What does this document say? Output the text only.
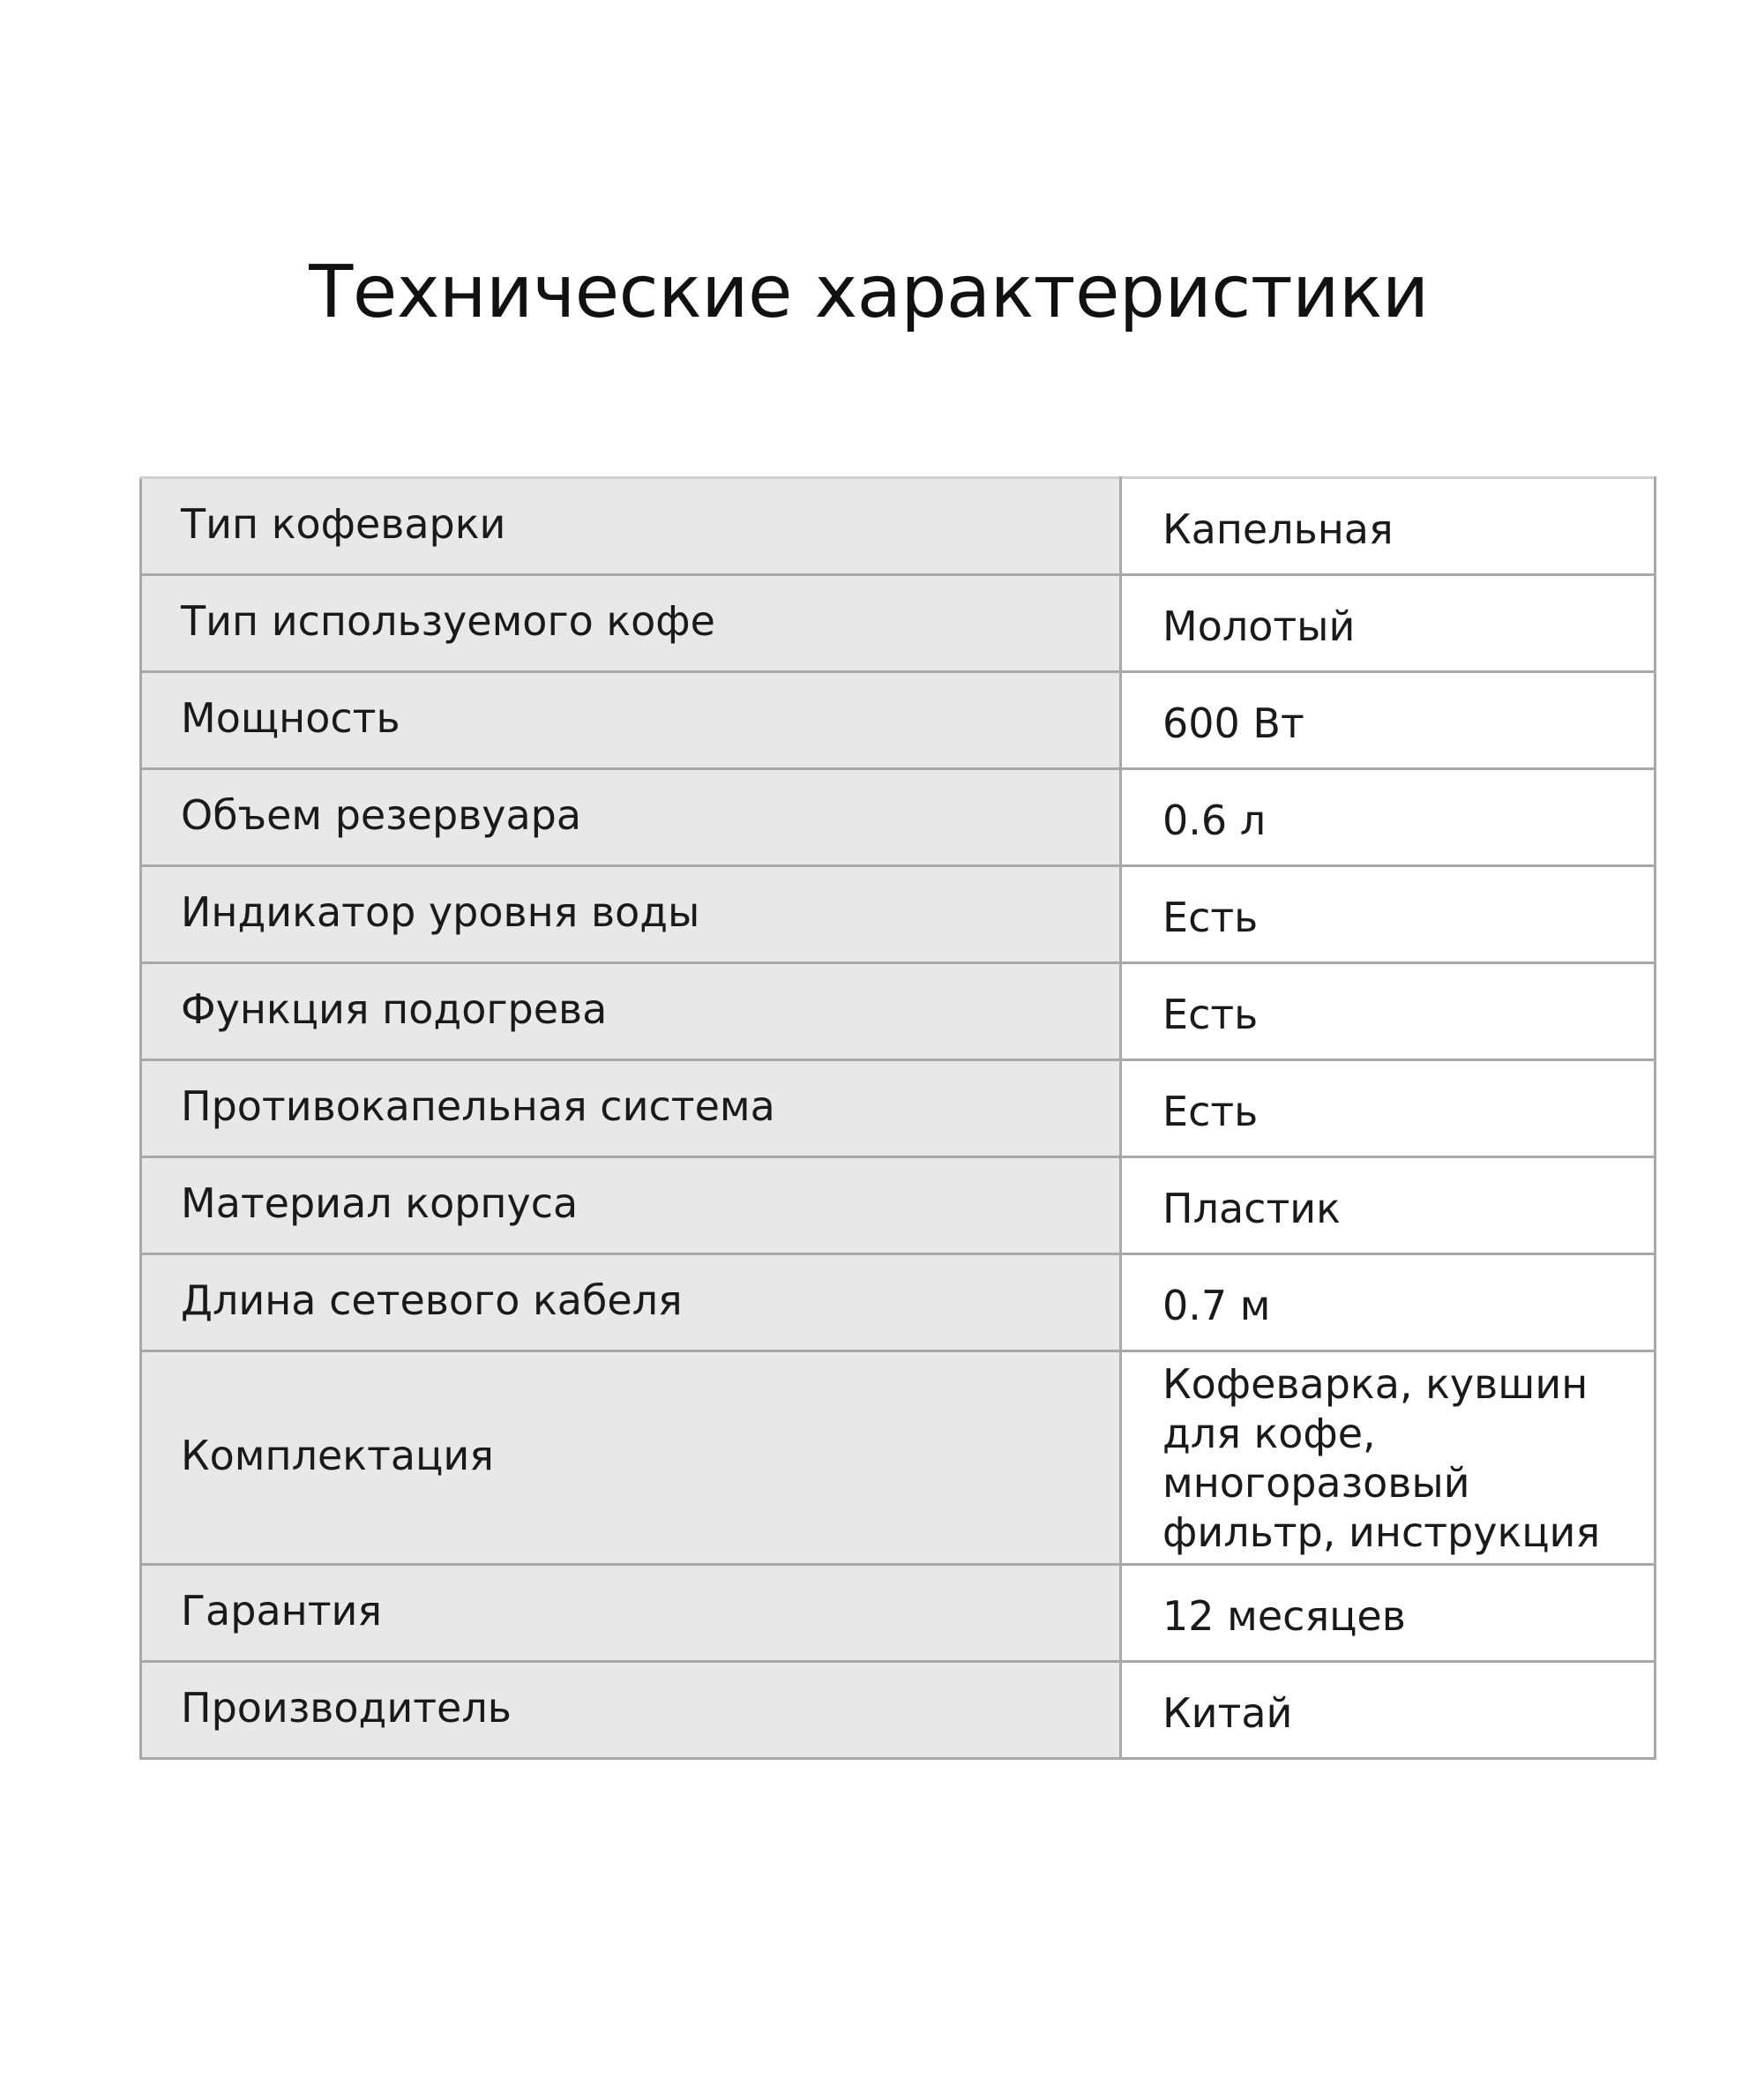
Технические характеристики
Тип кофеварки	Капельная
Тип используемого кофе	Молотый
Мощность	600 Вт
Объем резервуара	0.6 л
Индикатор уровня воды	Есть
Функция подогрева	Есть
Противокапельная система	Есть
Материал корпуса	Пластик
Длина сетевого кабеля	0.7 м
Комплектация	Кофеварка, кувшин
для кофе, многоразовый
фильтр, инструкция

Гарантия	12 месяцев
Производитель	Китай
